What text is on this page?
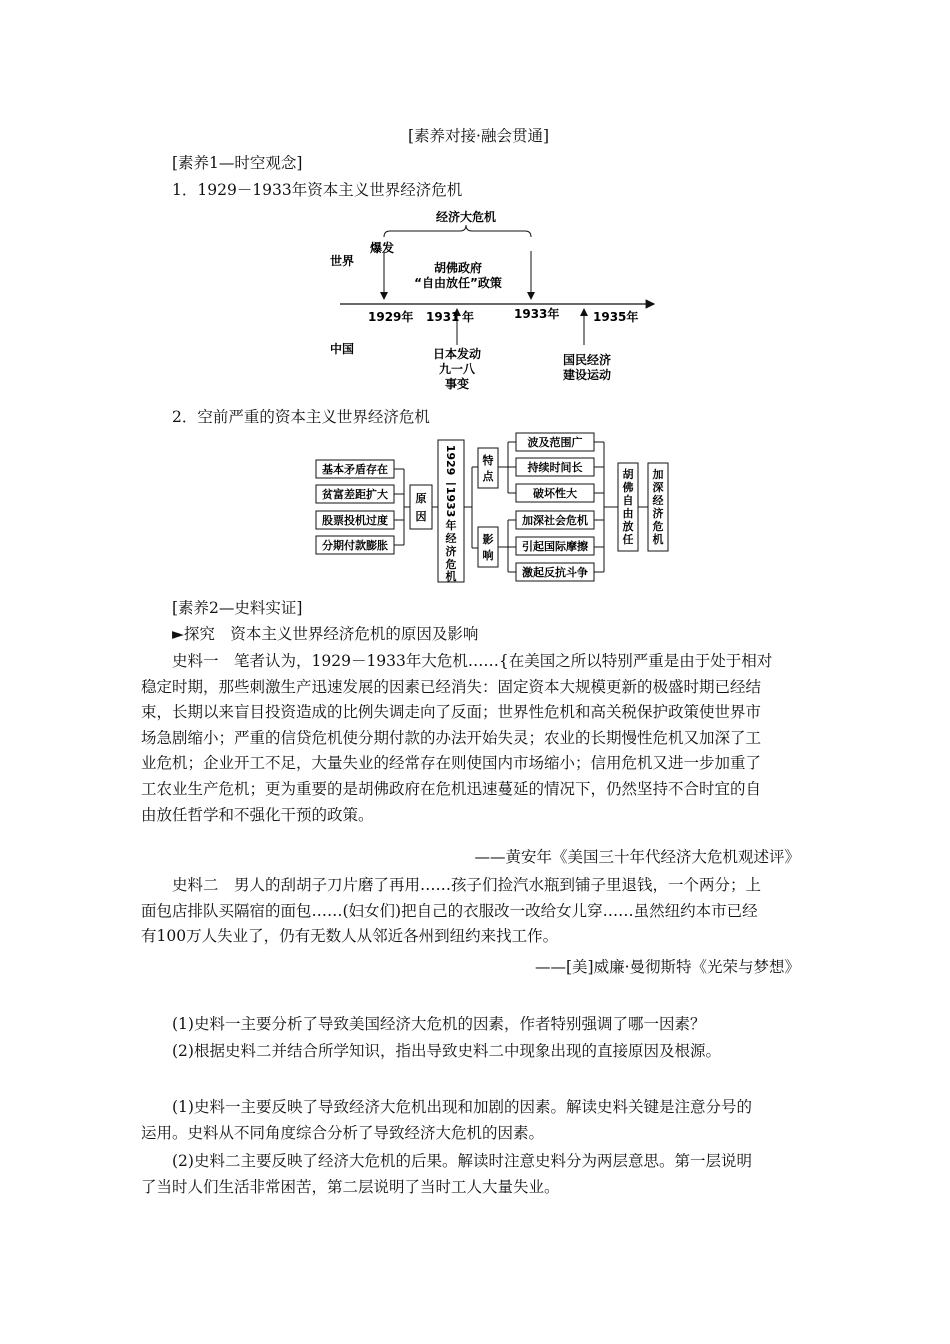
[素养对接·融会贯通]
[素养1—时空观念]
1．1929－1933年资本主义世界经济危机
经济大危机
世界
爆发
胡佛政府
“自由放任”政策
1929年 1931 年	1933年	1935年
中国	日本发动
九一八
事变
国民经济
建设运动
2．空前严重的资本主义世界经济危机
基本矛盾存在
贫富差距扩大
股票投机过度
分期付款膨胀
原
因
1929
—
1933
年
经
济
危
机
特
点
影
响
波及范围广
持续时间长
破坏性大
加深社会危机
引起国际摩擦
激起反抗斗争
胡
佛
自
由
放
任
加
深
经
济
危
机
[素养2—史料实证]
►探究　资本主义世界经济危机的原因及影响
史料一　笔者认为，1929－1933年大危机……{在美国之所以特别严重是由于处于相对
稳定时期，那些刺激生产迅速发展的因素已经消失：固定资本大规模更新的极盛时期已经结
束，长期以来盲目投资造成的比例失调走向了反面；世界性危机和高关税保护政策使世界市
场急剧缩小；严重的信贷危机使分期付款的办法开始失灵；农业的长期慢性危机又加深了工
业危机；企业开工不足，大量失业的经常存在则使国内市场缩小；信用危机又进一步加重了
工农业生产危机；更为重要的是胡佛政府在危机迅速蔓延的情况下，仍然坚持不合时宜的自
由放任哲学和不强化干预的政策。
——黄安年《美国三十年代经济大危机观述评》
史料二　男人的刮胡子刀片磨了再用……孩子们捡汽水瓶到铺子里退钱，一个两分；上
面包店排队买隔宿的面包……(妇女们)把自己的衣服改一改给女儿穿……虽然纽约本市已经
有100万人失业了，仍有无数人从邻近各州到纽约来找工作。
——[美]威廉·曼彻斯特《光荣与梦想》
(1)史料一主要分析了导致美国经济大危机的因素，作者特别强调了哪一因素？
(2)根据史料二并结合所学知识，指出导致史料二中现象出现的直接原因及根源。
(1)史料一主要反映了导致经济大危机出现和加剧的因素。解读史料关键是注意分号的
运用。史料从不同角度综合分析了导致经济大危机的因素。
(2)史料二主要反映了经济大危机的后果。解读时注意史料分为两层意思。第一层说明
了当时人们生活非常困苦，第二层说明了当时工人大量失业。
